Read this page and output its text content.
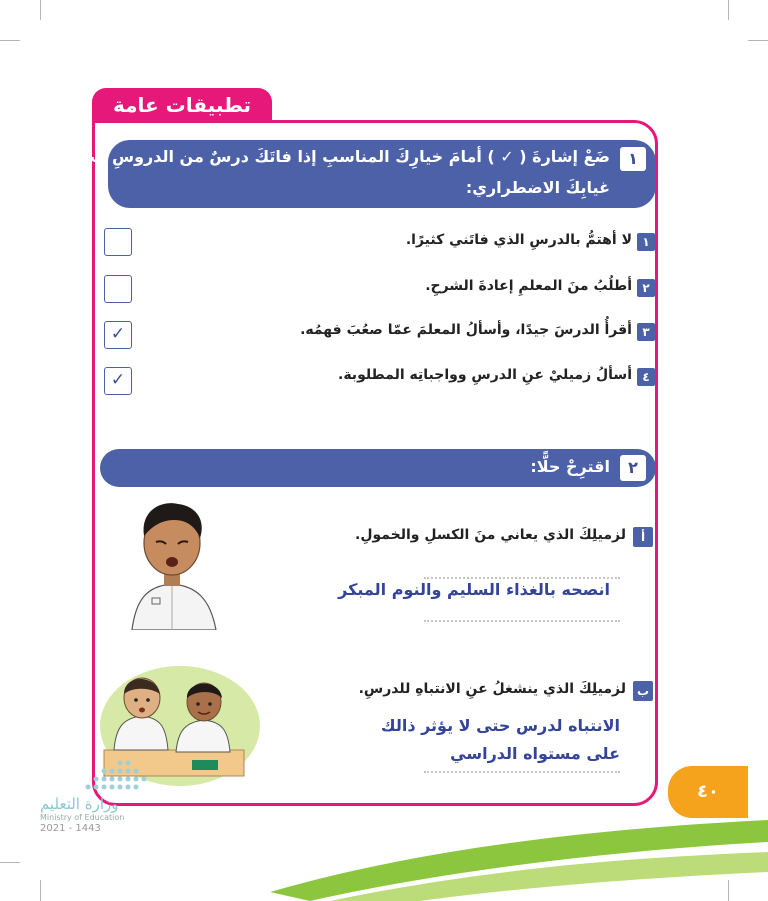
تطبيقات عامة
١
ضَعْ إشارةَ ( ✓ ) أمامَ خيارِكَ المناسبِ إذا فاتَكَ درسٌ من الدروسِ بسببِ
غيابِكَ الاضطراري:
١
لا أهتمُّ بالدرسِ الذي فاتَني كثيرًا.
٢
أطلُبُ منَ المعلمِ إعادةَ الشرحِ.
٣
أقرأُ الدرسَ جيدًا، وأسألُ المعلمَ عمّا صعُبَ فهمُه.
✓
٤
أسألُ زميليْ عنِ الدرسِ وواجباتِه المطلوبة.
✓
٢
اقترِحْ حلًّا:
أ
لزميلِكَ الذي يعاني منَ الكسلِ والخمولِ.
انصحه بالغذاء السليم والنوم المبكر
ب
لزميلِكَ الذي ينشغلُ عنِ الانتباهِ للدرسِ.
الانتباه لدرس حتى لا يؤثر ذالك
على مستواه الدراسي
٤٠
وزارة التعليم
Ministry of Education
2021 - 1443
